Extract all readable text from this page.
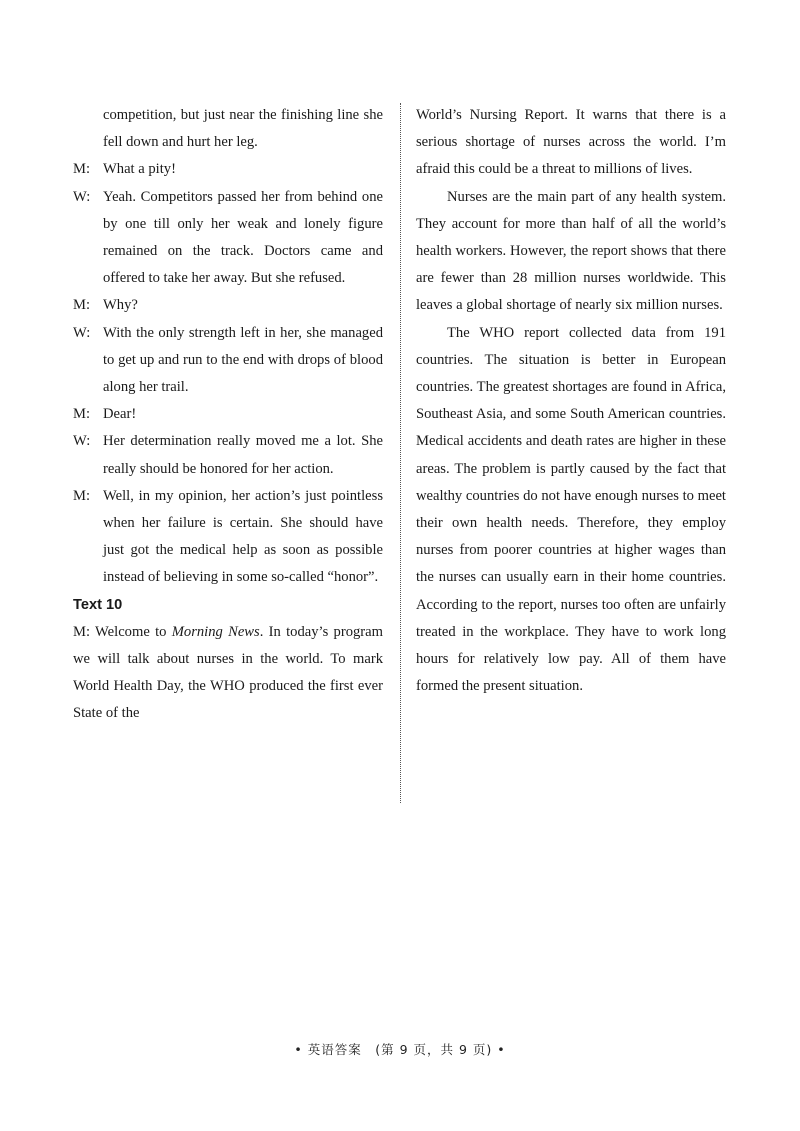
competition, but just near the finishing line she fell down and hurt her leg.
M: What a pity!
W: Yeah. Competitors passed her from behind one by one till only her weak and lonely figure remained on the track. Doctors came and offered to take her away. But she refused.
M: Why?
W: With the only strength left in her, she managed to get up and run to the end with drops of blood along her trail.
M: Dear!
W: Her determination really moved me a lot. She really should be honored for her action.
M: Well, in my opinion, her action’s just pointless when her failure is certain. She should have just got the medical help as soon as possible instead of believing in some so-called “honor”.
Text 10
M: Welcome to Morning News. In today’s program we will talk about nurses in the world. To mark World Health Day, the WHO produced the first ever State of the
World’s Nursing Report. It warns that there is a serious shortage of nurses across the world. I’m afraid this could be a threat to millions of lives.
Nurses are the main part of any health system. They account for more than half of all the world’s health workers. However, the report shows that there are fewer than 28 million nurses worldwide. This leaves a global shortage of nearly six million nurses.
The WHO report collected data from 191 countries. The situation is better in European countries. The greatest shortages are found in Africa, Southeast Asia, and some South American countries. Medical accidents and death rates are higher in these areas. The problem is partly caused by the fact that wealthy countries do not have enough nurses to meet their own health needs. Therefore, they employ nurses from poorer countries at higher wages than the nurses can usually earn in their home countries. According to the report, nurses too often are unfairly treated in the workplace. They have to work long hours for relatively low pay. All of them have formed the present situation.
• 英语答案　(第 9 页，共 9 页) •
